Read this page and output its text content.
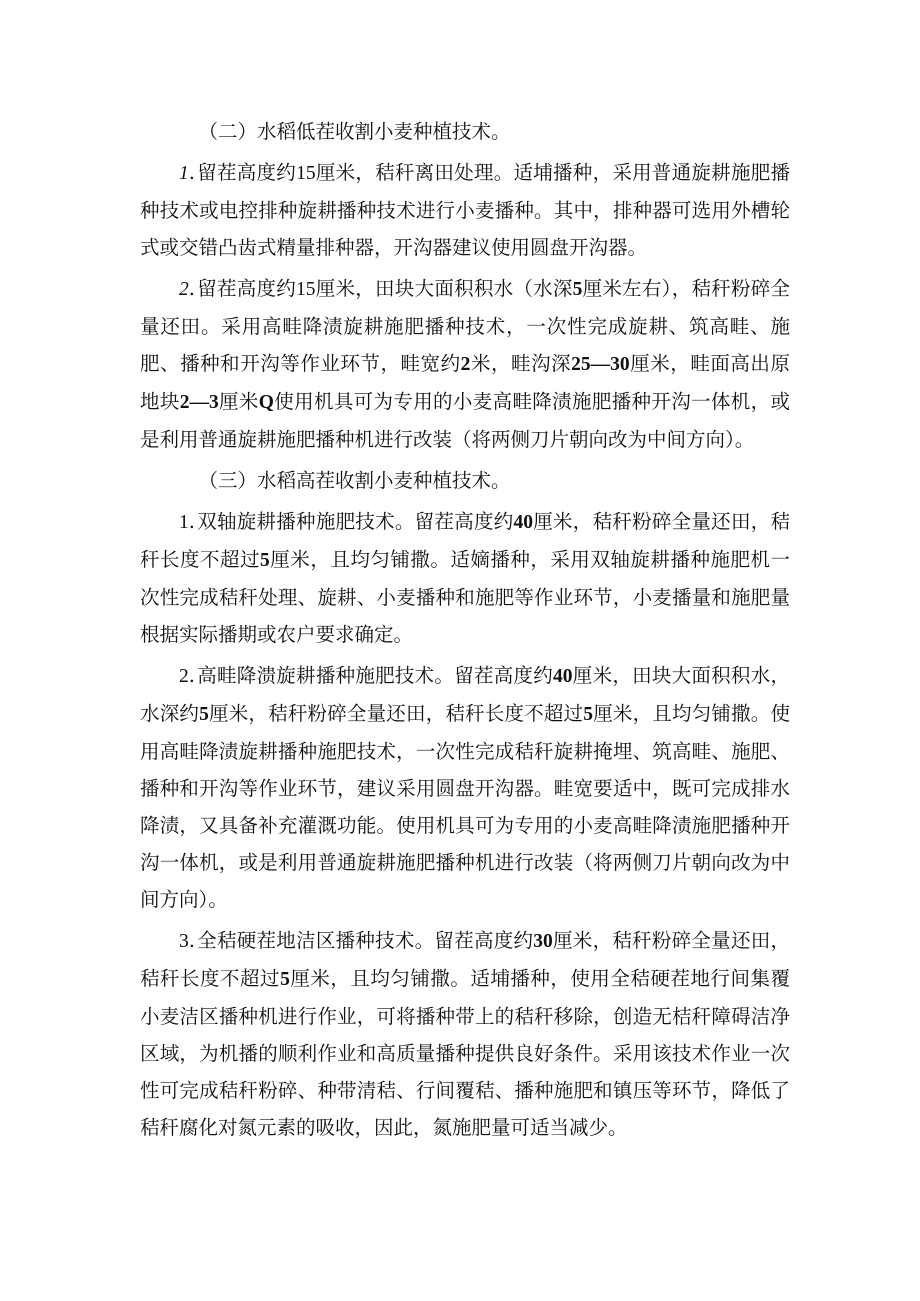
（二）水稻低茬收割小麦种植技术。

1. 留茬高度约15厘米，秸秆离田处理。适埔播种，采用普通旋耕施肥播种技术或电控排种旋耕播种技术进行小麦播种。其中，排种器可选用外槽轮式或交错凸齿式精量排种器，开沟器建议使用圆盘开沟器。

2. 留茬高度约15厘米，田块大面积积水（水深5厘米左右），秸秆粉碎全量还田。采用高畦降渍旋耕施肥播种技术，一次性完成旋耕、筑高畦、施肥、播种和开沟等作业环节，畦宽约2米，畦沟深25—30厘米，畦面高出原地块2—3厘米Q使用机具可为专用的小麦高畦降渍施肥播种开沟一体机，或是利用普通旋耕施肥播种机进行改装（将两侧刀片朝向改为中间方向）。

（三）水稻高茬收割小麦种植技术。

1. 双轴旋耕播种施肥技术。留茬高度约40厘米，秸秆粉碎全量还田，秸秆长度不超过5厘米，且均匀铺撒。适嫡播种，采用双轴旋耕播种施肥机一次性完成秸秆处理、旋耕、小麦播种和施肥等作业环节，小麦播量和施肥量根据实际播期或农户要求确定。

2. 高畦降溃旋耕播种施肥技术。留茬高度约40厘米，田块大面积积水，水深约5厘米，秸秆粉碎全量还田，秸秆长度不超过5厘米，且均匀铺撒。使用高畦降渍旋耕播种施肥技术，一次性完成秸秆旋耕掩埋、筑高畦、施肥、播种和开沟等作业环节，建议采用圆盘开沟器。畦宽要适中，既可完成排水降渍，又具备补充灌溉功能。使用机具可为专用的小麦高畦降渍施肥播种开沟一体机，或是利用普通旋耕施肥播种机进行改装（将两侧刀片朝向改为中间方向）。

3. 全秸硬茬地洁区播种技术。留茬高度约30厘米，秸秆粉碎全量还田，秸秆长度不超过5厘米，且均匀铺撒。适埔播种，使用全秸硬茬地行间集覆小麦洁区播种机进行作业，可将播种带上的秸秆移除，创造无桔秆障碍洁净区域，为机播的顺利作业和高质量播种提供良好条件。采用该技术作业一次性可完成秸秆粉碎、种带清秸、行间覆秸、播种施肥和镇压等环节，降低了秸秆腐化对氮元素的吸收，因此，氮施肥量可适当减少。
